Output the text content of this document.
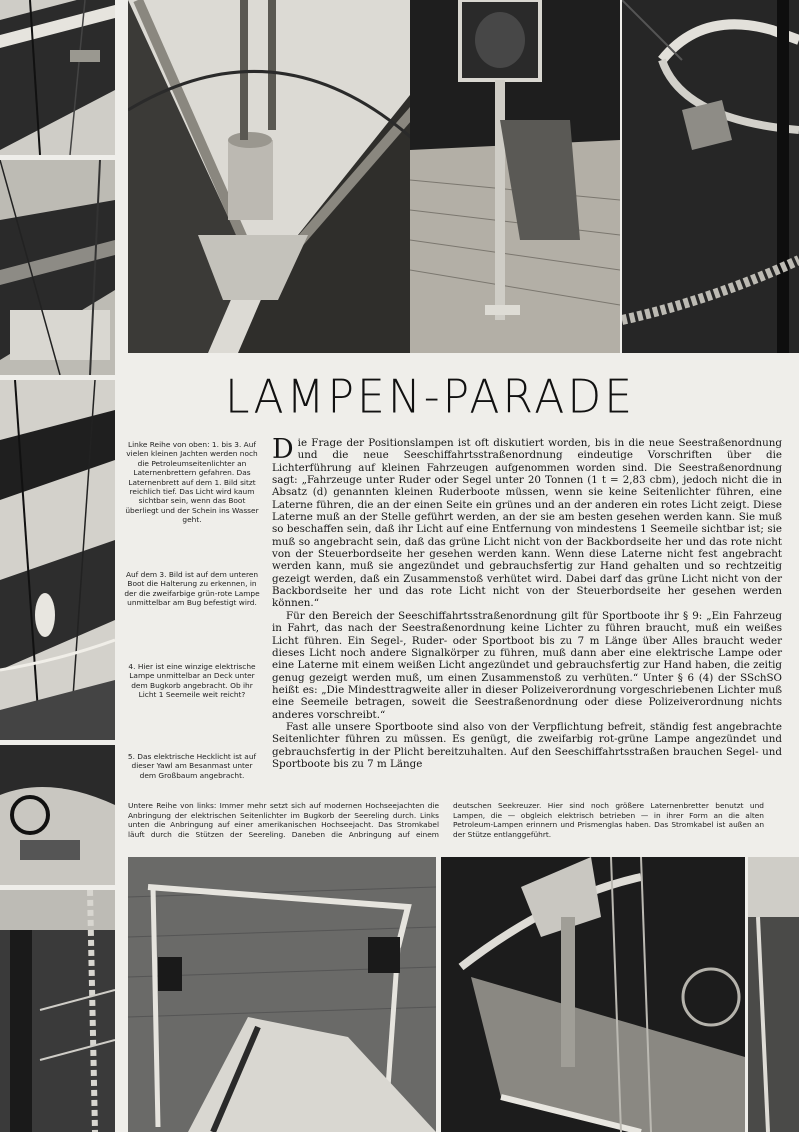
LAMPEN-PARADE

Linke Reihe von oben: 1. bis 3. Auf vielen kleinen Jachten werden noch die Petroleumseitenlichter an Laternenbrettern gefahren. Das Laternenbrett auf dem 1. Bild sitzt reichlich tief. Das Licht wird kaum sichtbar sein, wenn das Boot überliegt und der Schein ins Wasser geht.

Auf dem 3. Bild ist auf dem unteren Boot die Halterung zu erkennen, in der die zweifarbige grün-rote Lampe unmittelbar am Bug befestigt wird.

4. Hier ist eine winzige elektrische Lampe unmittelbar an Deck unter dem Bugkorb angebracht. Ob ihr Licht 1 Seemeile weit reicht?

5. Das elektrische Hecklicht ist auf dieser Yawl am Besanmast unter dem Großbaum angebracht.

Die Frage der Positionslampen ist oft diskutiert worden, bis in die neue Seestraßenordnung und die neue Seeschiffahrtsstraßenordnung eindeutige Vorschriften über die Lichterführung auf kleinen Fahrzeugen aufgenommen worden sind. Die Seestraßenordnung sagt: „Fahrzeuge unter Ruder oder Segel unter 20 Tonnen (1 t = 2,83 cbm), jedoch nicht die in Absatz (d) genannten kleinen Ruderboote müssen, wenn sie keine Seitenlichter führen, eine Laterne führen, die an der einen Seite ein grünes und an der anderen ein rotes Licht zeigt. Diese Laterne muß an der Stelle geführt werden, an der sie am besten gesehen werden kann. Sie muß so beschaffen sein, daß ihr Licht auf eine Entfernung von mindestens 1 Seemeile sichtbar ist; sie muß so angebracht sein, daß das grüne Licht nicht von der Backbordseite her und das rote nicht von der Steuerbordseite her gesehen werden kann. Wenn diese Laterne nicht fest angebracht werden kann, muß sie angezündet und gebrauchsfertig zur Hand gehalten und so rechtzeitig gezeigt werden, daß ein Zusammenstoß verhütet wird. Dabei darf das grüne Licht nicht von der Backbordseite her und das rote Licht nicht von der Steuerbordseite her gesehen werden können.“

Für den Bereich der Seeschiffahrtsstraßenordnung gilt für Sportboote ihr § 9: „Ein Fahrzeug in Fahrt, das nach der Seestraßenordnung keine Lichter zu führen braucht, muß ein weißes Licht führen. Ein Segel-, Ruder- oder Sportboot bis zu 7 m Länge über Alles braucht weder dieses Licht noch andere Signalkörper zu führen, muß dann aber eine elektrische Lampe oder eine Laterne mit einem weißen Licht angezündet und gebrauchsfertig zur Hand haben, die zeitig genug gezeigt werden muß, um einen Zusammenstoß zu verhüten.“ Unter § 6 (4) der SSchSO heißt es: „Die Mindesttragweite aller in dieser Polizeiverordnung vorgeschriebenen Lichter muß eine Seemeile betragen, soweit die Seestraßenordnung oder diese Polizeiverordnung nichts anderes vorschreibt.“

Fast alle unsere Sportboote sind also von der Verpflichtung befreit, ständig fest angebrachte Seitenlichter führen zu müssen. Es genügt, die zweifarbig rot-grüne Lampe angezündet und gebrauchsfertig in der Plicht bereitzuhalten. Auf den Seeschiffahrtsstraßen brauchen Segel- und Sportboote bis zu 7 m Länge

Untere Reihe von links: Immer mehr setzt sich auf modernen Hochseejachten die Anbringung der elektrischen Seitenlichter im Bugkorb der Seereling durch. Links unten die Anbringung auf einer amerikanischen Hochseejacht. Das Stromkabel läuft durch die Stützen der Seereling. Daneben die Anbringung auf einem deutschen Seekreuzer. Hier sind noch größere Laternenbretter benutzt und Lampen, die — obgleich elektrisch betrieben — in ihrer Form an die alten Petroleum-Lampen erinnern und Prismenglas haben. Das Stromkabel ist außen an der Stütze entlanggeführt.
